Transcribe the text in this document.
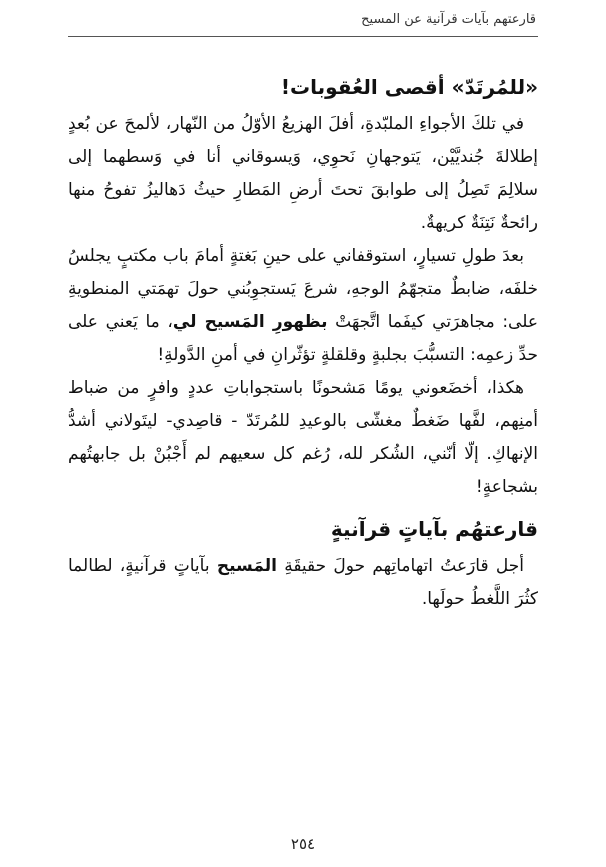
قارعتهم بآيات قرآنية عن المسيح
«للمُرتَدّ» أقصى العُقوبات!

في تلكَ الأجواءِ الملبّدةِ، أفلَ الهزيعُ الأوّلُ من النّهار، لألمحَ عن بُعدٍ إطلالةَ جُنديَّيْن، يَتوجهانِ نَحوِي، وَيسوقاني أنا في وَسطهما إلى سلالِمَ تَصِلُ إلى طوابقَ تحتَ أرضِ المَطارِ حيثُ دَهاليزُ تفوحُ منها رائحةٌ نَتِنَةٌ كريهةٌ.

بعدَ طولِ تسيارٍ، استوقفاني على حينِ بَغتةٍ أمامَ باب مكتبٍ يجلسُ خلفَه، ضابطٌ متجهّمُ الوجهِ، شرعَ يَستجوِبُني حولَ تهمَتي المنطويةِ على: مجاهرَتي كيفَما اتَّجهَتْ بظهورِ المَسيح لي، ما يَعني على حدِّ زعمِه: التسبُّبَ بجلبةٍ وقلقلةٍ تؤثّرانِ في أمنِ الدَّولةِ!

هكذا، أخضَعوني يومًا مَشحونًا باستجواباتِ عددٍ وافرٍ من ضباط أمنِهم، لفَّها ضَغطٌ مغشّى بالوعيدِ للمُرتَدّ - قاصِدي- ليتَولاني أشدُّ الإنهاكِ. إلّا أنّني، الشُكر لله، رُغم كل سعيهم لم أَجْبُنْ بل جابهتُهم بشجاعةٍ!

قارعتهُم بآياتٍ قرآنيةٍ

أجل قارَعتُ اتهاماتِهم حولَ حقيقَةِ المَسيح بآياتٍ قرآنيةٍ، لطالما كثُرَ اللَّغطُ حولَها.

٢٥٤
